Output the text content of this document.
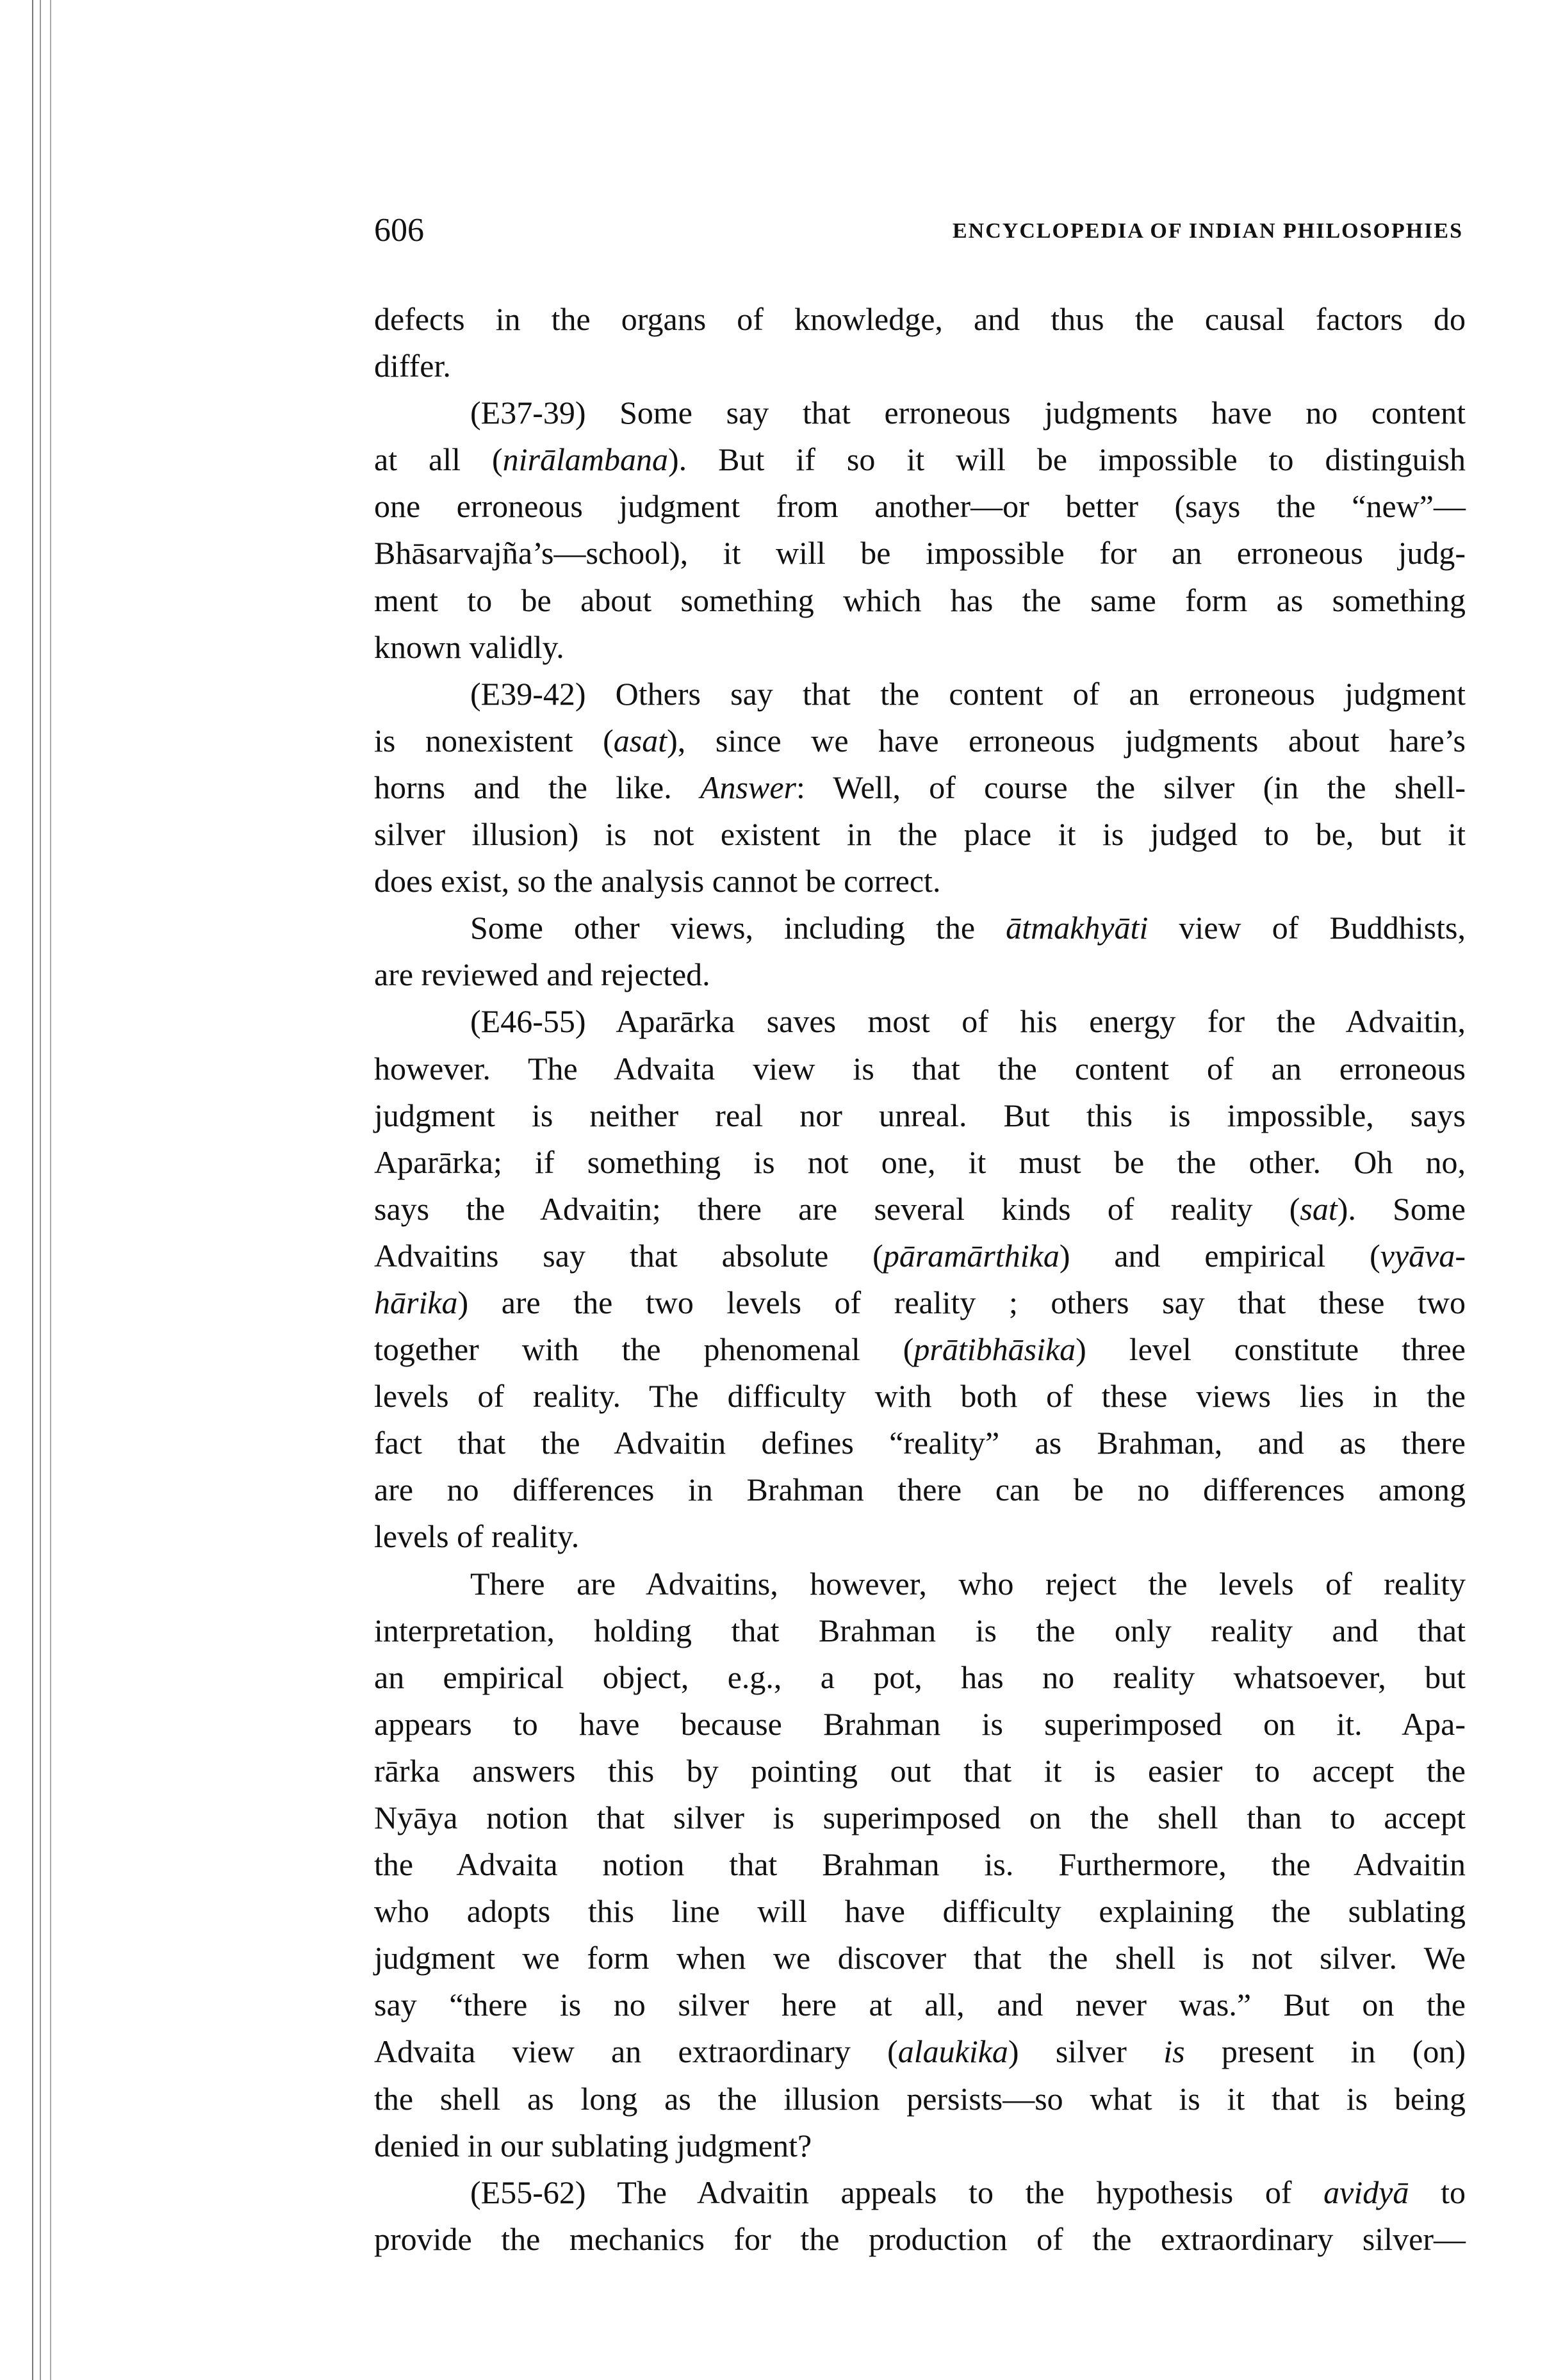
606	ENCYCLOPEDIA OF INDIAN PHILOSOPHIES
defects in the organs of knowledge, and thus the causal factors do
differ.
(E37-39) Some say that erroneous judgments have no content
at all (nirālambana). But if so it will be impossible to distinguish
one erroneous judgment from another—or better (says the “new”—
Bhāsarvajña’s—school), it will be impossible for an erroneous judg-
ment to be about something which has the same form as something
known validly.
(E39-42) Others say that the content of an erroneous judgment
is nonexistent (asat), since we have erroneous judgments about hare’s
horns and the like. Answer: Well, of course the silver (in the shell-
silver illusion) is not existent in the place it is judged to be, but it
does exist, so the analysis cannot be correct.
Some other views, including the ātmakhyāti view of Buddhists,
are reviewed and rejected.
(E46-55) Aparārka saves most of his energy for the Advaitin,
however. The Advaita view is that the content of an erroneous
judgment is neither real nor unreal. But this is impossible, says
Aparārka; if something is not one, it must be the other. Oh no,
says the Advaitin; there are several kinds of reality (sat). Some
Advaitins say that absolute (pāramārthika) and empirical (vyāva-
hārika) are the two levels of reality ; others say that these two
together with the phenomenal (prātibhāsika) level constitute three
levels of reality. The difficulty with both of these views lies in the
fact that the Advaitin defines “reality” as Brahman, and as there
are no differences in Brahman there can be no differences among
levels of reality.
There are Advaitins, however, who reject the levels of reality
interpretation, holding that Brahman is the only reality and that
an empirical object, e.g., a pot, has no reality whatsoever, but
appears to have because Brahman is superimposed on it. Apa-
rārka answers this by pointing out that it is easier to accept the
Nyāya notion that silver is superimposed on the shell than to accept
the Advaita notion that Brahman is. Furthermore, the Advaitin
who adopts this line will have difficulty explaining the sublating
judgment we form when we discover that the shell is not silver. We
say “there is no silver here at all, and never was.” But on the
Advaita view an extraordinary (alaukika) silver is present in (on)
the shell as long as the illusion persists—so what is it that is being
denied in our sublating judgment?
(E55-62) The Advaitin appeals to the hypothesis of avidyā to
provide the mechanics for the production of the extraordinary silver—
